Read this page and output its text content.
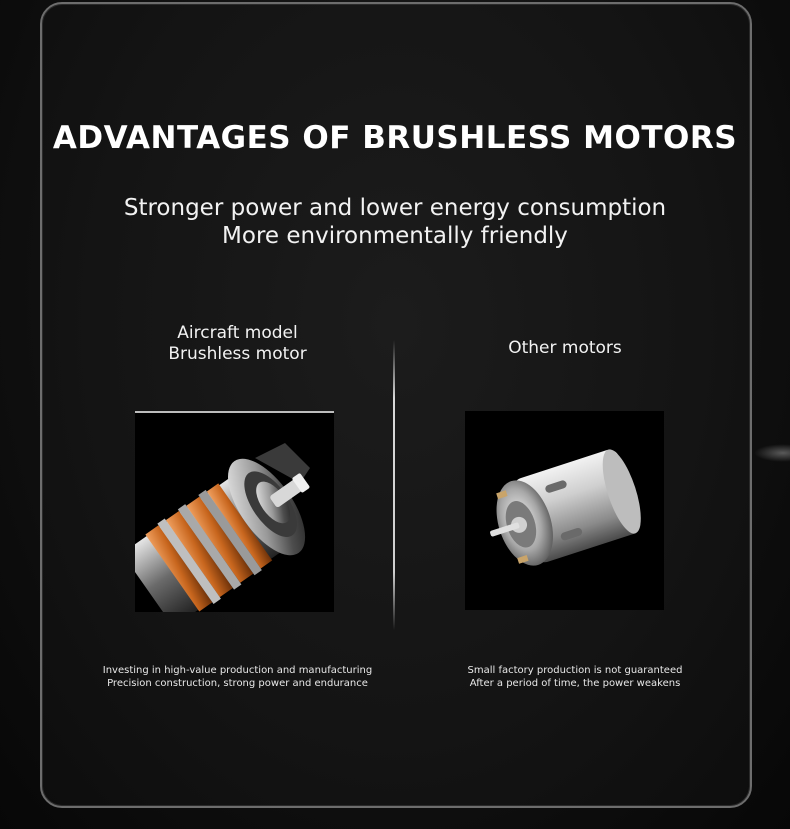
ADVANTAGES OF BRUSHLESS MOTORS
Stronger power and lower energy consumption
More environmentally friendly
Aircraft model
Brushless motor	Other motors
Investing in high-value production and manufacturing
Precision construction, strong power and endurance
Small factory production is not guaranteed
After a period of time, the power weakens
